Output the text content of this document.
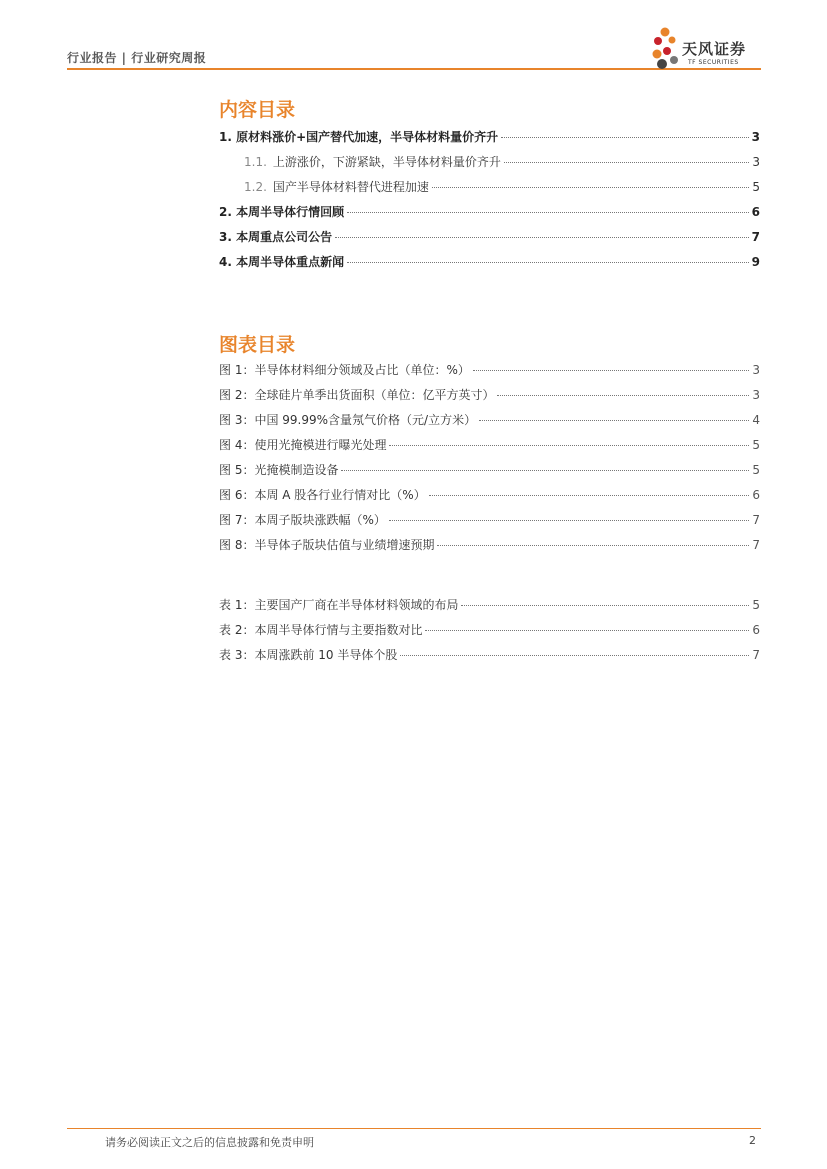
行业报告 | 行业研究周报	天风证券
TF SECURITIES
内容目录
1. 原材料涨价+国产替代加速，半导体材料量价齐升	3
1.1. 上游涨价，下游紧缺，半导体材料量价齐升	3
1.2. 国产半导体材料替代进程加速	5
2. 本周半导体行情回顾	6
3. 本周重点公司公告	7
4. 本周半导体重点新闻	9
图表目录
图 1：半导体材料细分领域及占比（单位：%）	3
图 2：全球硅片单季出货面积（单位：亿平方英寸）	3
图 3：中国 99.99%含量氖气价格（元/立方米）	4
图 4：使用光掩模进行曝光处理	5
图 5：光掩模制造设备	5
图 6：本周 A 股各行业行情对比（%）	6
图 7：本周子版块涨跌幅（%）	7
图 8：半导体子版块估值与业绩增速预期	7
表 1：主要国产厂商在半导体材料领域的布局	5
表 2：本周半导体行情与主要指数对比	6
表 3：本周涨跌前 10 半导体个股	7
请务必阅读正文之后的信息披露和免责申明	2
